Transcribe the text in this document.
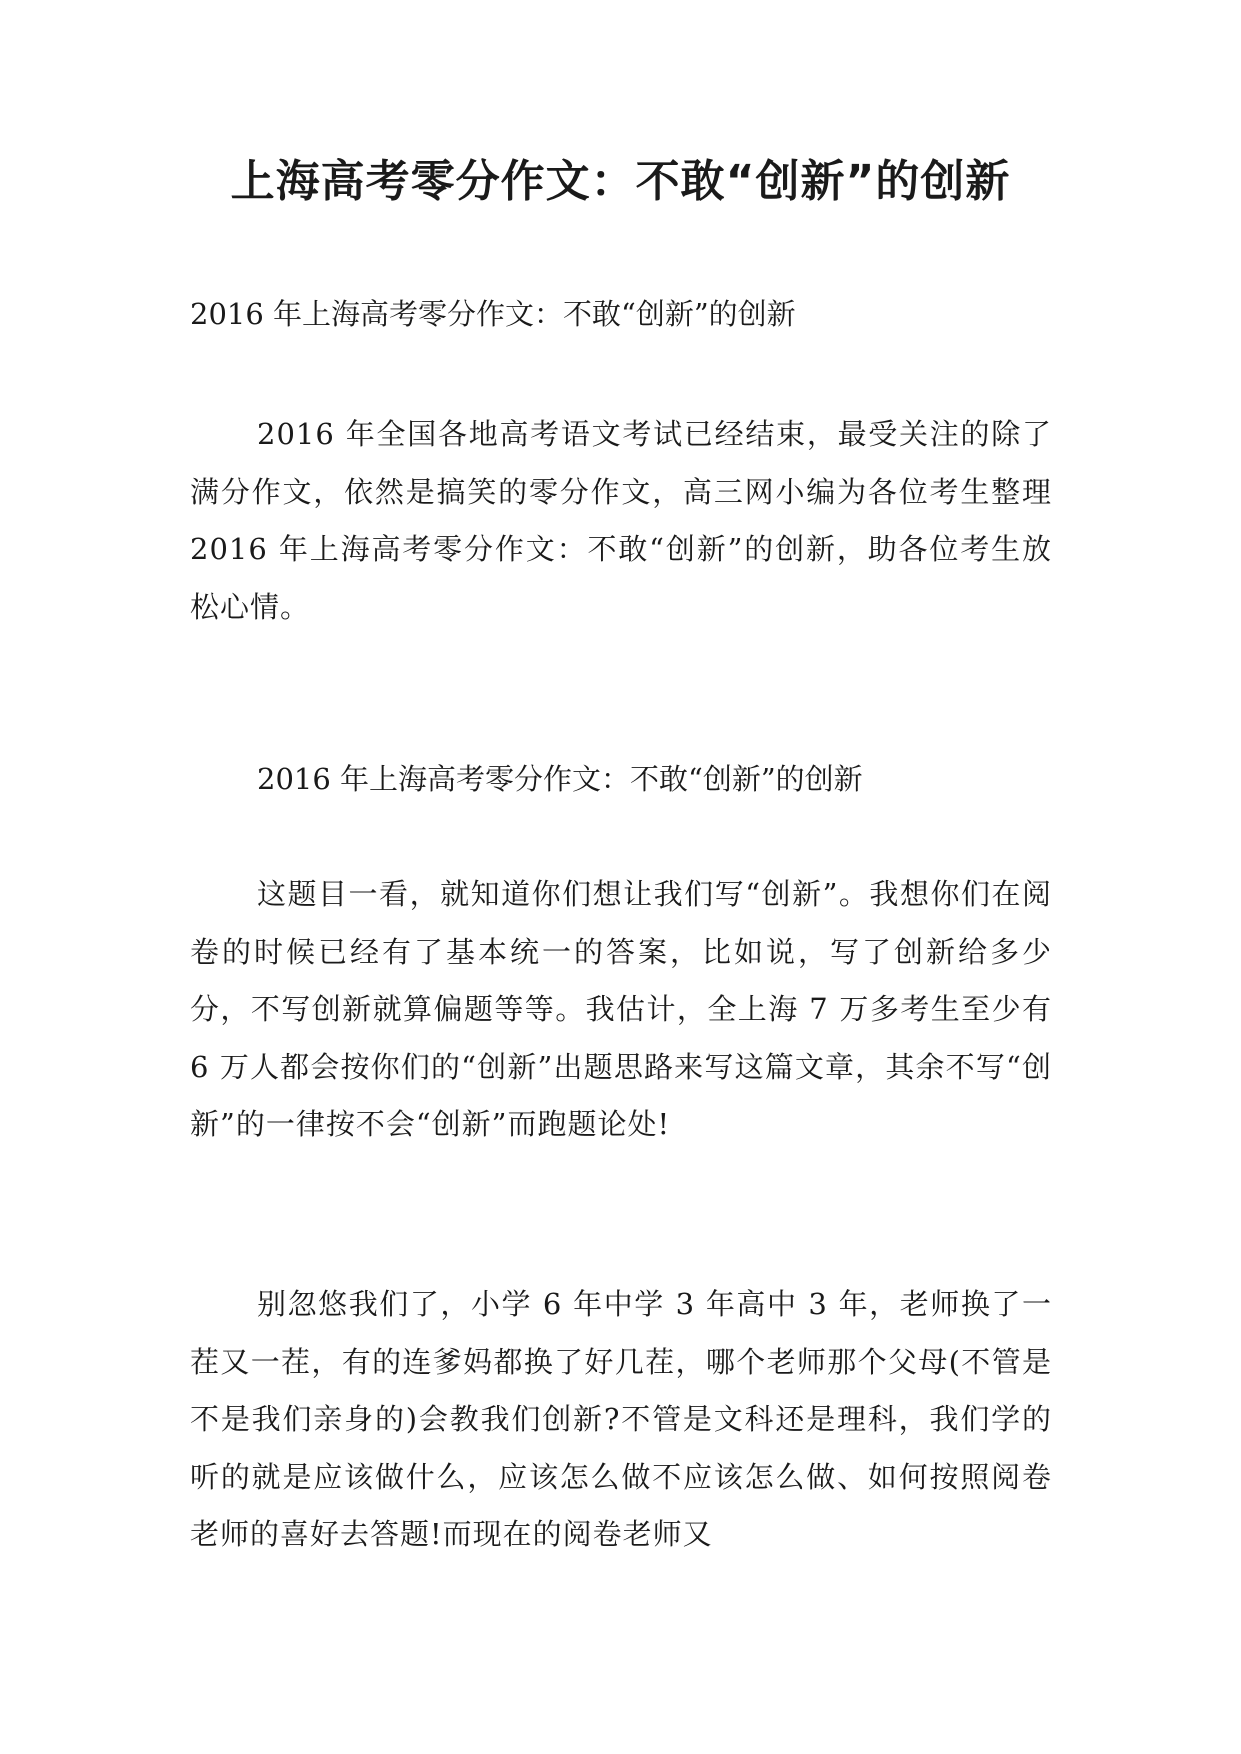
上海高考零分作文：不敢“创新”的创新

2016 年上海高考零分作文：不敢“创新”的创新

2016 年全国各地高考语文考试已经结束，最受关注的除了满分作文，依然是搞笑的零分作文，高三网小编为各位考生整理 2016 年上海高考零分作文：不敢“创新”的创新，助各位考生放松心情。

2016 年上海高考零分作文：不敢“创新”的创新

这题目一看，就知道你们想让我们写“创新”。我想你们在阅卷的时候已经有了基本统一的答案，比如说，写了创新给多少分，不写创新就算偏题等等。我估计，全上海 7 万多考生至少有 6 万人都会按你们的“创新”出题思路来写这篇文章，其余不写“创新”的一律按不会“创新”而跑题论处!

别忽悠我们了，小学 6 年中学 3 年高中 3 年，老师换了一茬又一茬，有的连爹妈都换了好几茬，哪个老师那个父母(不管是不是我们亲身的)会教我们创新?不管是文科还是理科，我们学的听的就是应该做什么，应该怎么做不应该怎么做、如何按照阅卷老师的喜好去答题!而现在的阅卷老师又
